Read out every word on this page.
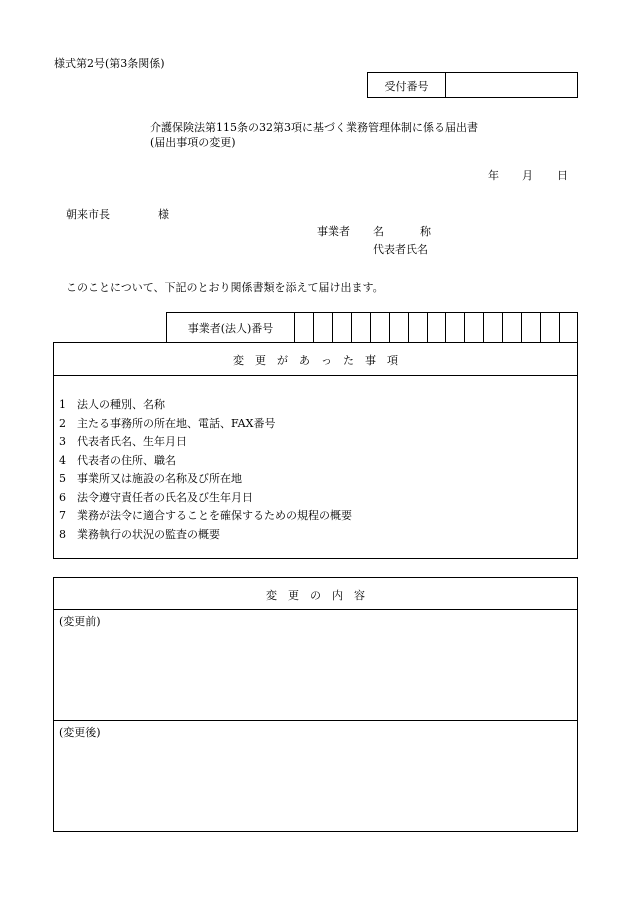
様式第2号(第3条関係)
受付番号
介護保険法第115条の32第3項に基づく業務管理体制に係る届出書
(届出事項の変更)
年 月 日
朝来市長	様
事業者 名	称
代表者氏名
このことについて、下記のとおり関係書類を添えて届け出ます。
事業者(法人)番号
変　更　が　あ　っ　た　事　項
1 法人の種別、名称
2 主たる事務所の所在地、電話、FAX番号
3 代表者氏名、生年月日
4 代表者の住所、職名
5 事業所又は施設の名称及び所在地
6 法令遵守責任者の氏名及び生年月日
7 業務が法令に適合することを確保するための規程の概要
8 業務執行の状況の監査の概要
変　更　の　内　容
(変更前)
(変更後)
